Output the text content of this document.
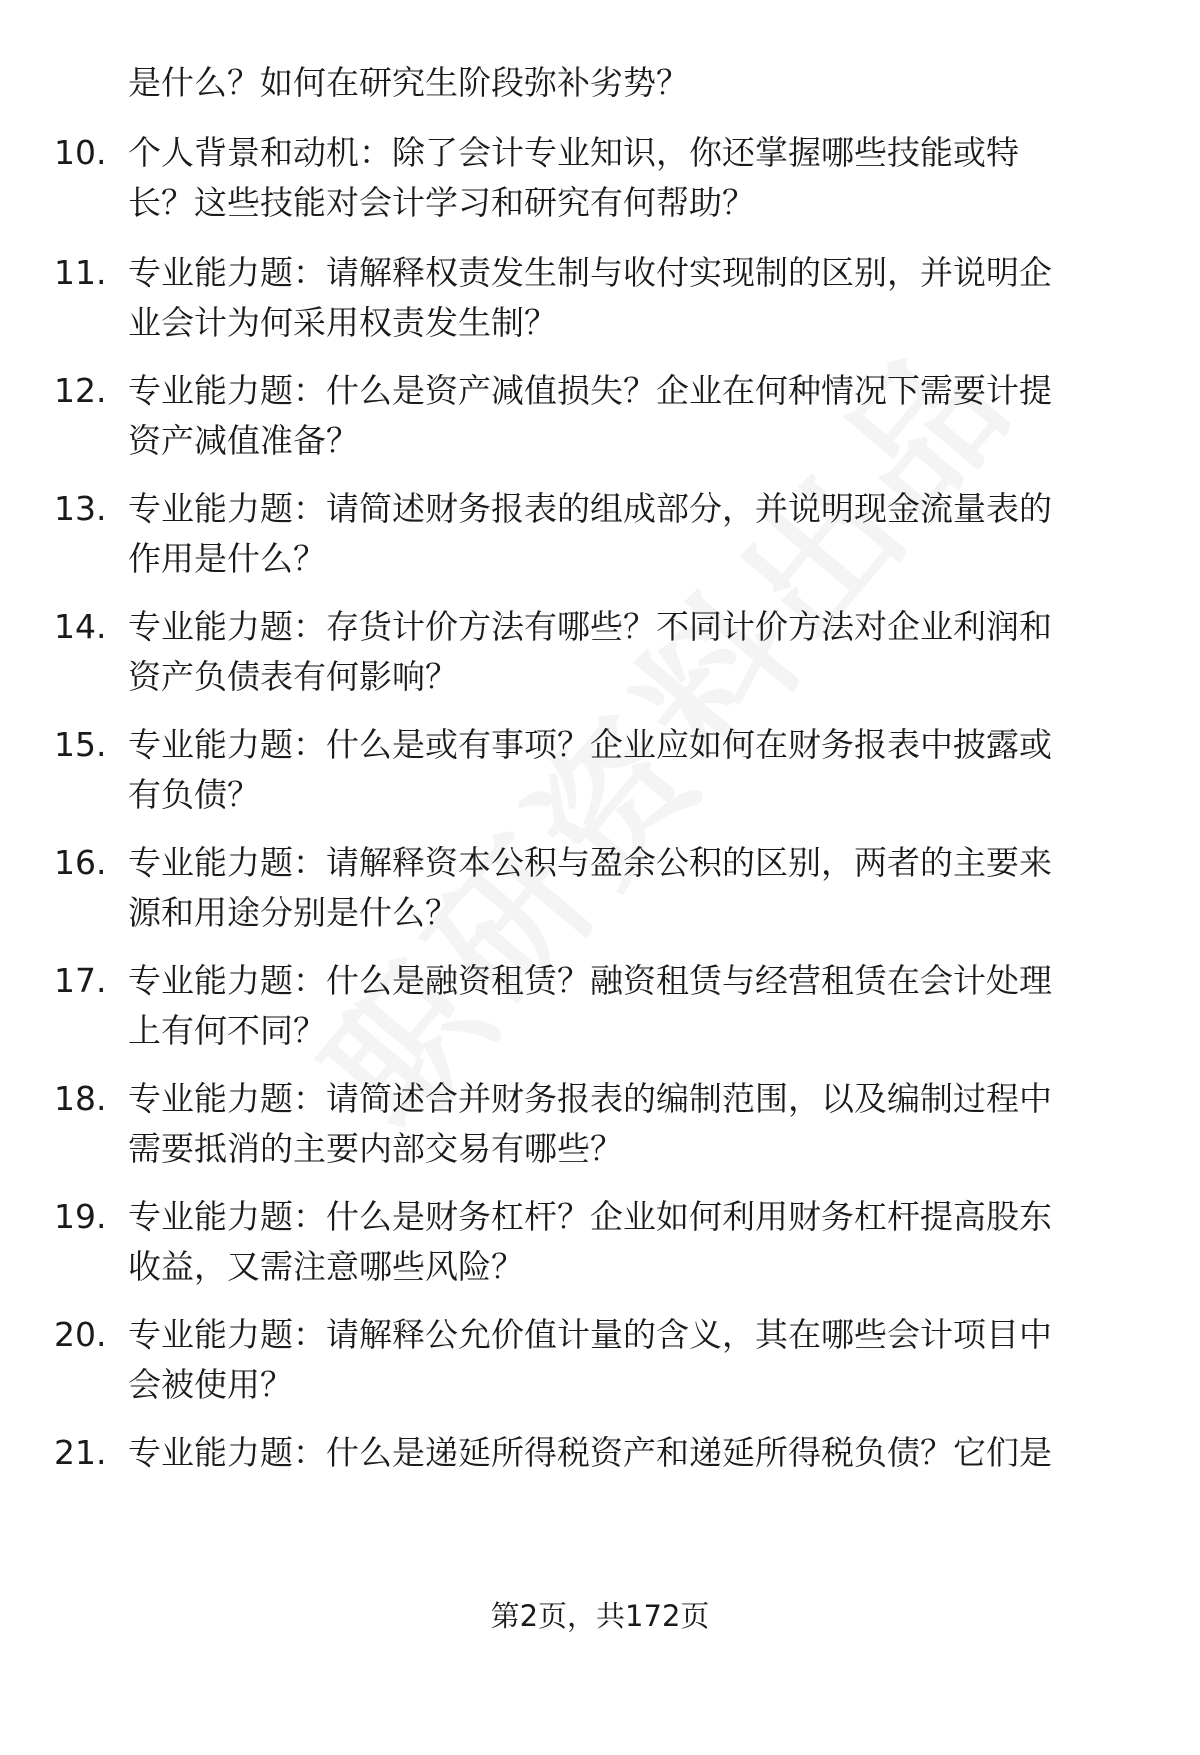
是什么？如何在研究生阶段弥补劣势？
10. 个人背景和动机：除了会计专业知识，你还掌握哪些技能或特
长？这些技能对会计学习和研究有何帮助？
11. 专业能力题：请解释权责发生制与收付实现制的区别，并说明企
业会计为何采用权责发生制？
12. 专业能力题：什么是资产减值损失？企业在何种情况下需要计提
资产减值准备？
13. 专业能力题：请简述财务报表的组成部分，并说明现金流量表的
作用是什么？
14. 专业能力题：存货计价方法有哪些？不同计价方法对企业利润和
资产负债表有何影响？
15. 专业能力题：什么是或有事项？企业应如何在财务报表中披露或
有负债？
16. 专业能力题：请解释资本公积与盈余公积的区别，两者的主要来
源和用途分别是什么？
17. 专业能力题：什么是融资租赁？融资租赁与经营租赁在会计处理
上有何不同？
18. 专业能力题：请简述合并财务报表的编制范围，以及编制过程中
需要抵消的主要内部交易有哪些？
19. 专业能力题：什么是财务杠杆？企业如何利用财务杠杆提高股东
收益，又需注意哪些风险？
20. 专业能力题：请解释公允价值计量的含义，其在哪些会计项目中
会被使用？
21. 专业能力题：什么是递延所得税资产和递延所得税负债？它们是
第2页，共172页
